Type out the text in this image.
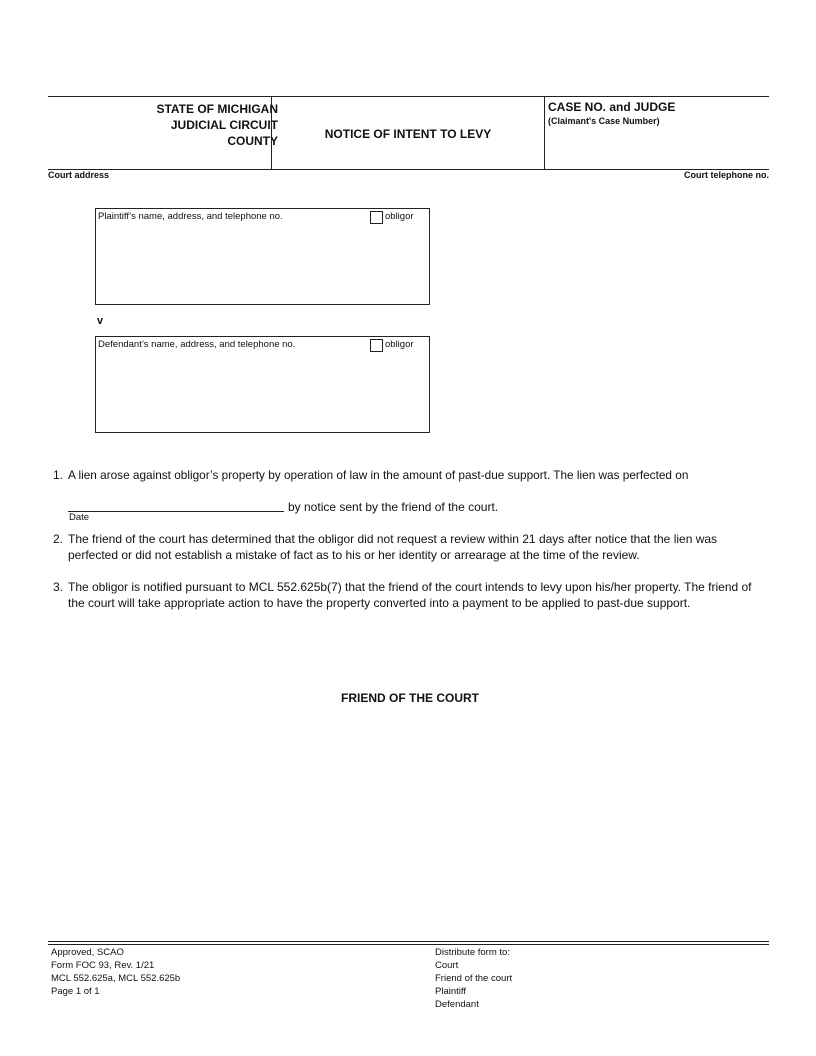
STATE OF MICHIGAN
JUDICIAL CIRCUIT
COUNTY	NOTICE OF INTENT TO LEVY
CASE NO. and JUDGE
(Claimant's Case Number)
Court address	Court telephone no.
Plaintiff’s name, address, and telephone no.	obligor
v
Defendant’s name, address, and telephone no.	obligor
1. A lien arose against obligor’s property by operation of law in the amount of past-due support. The lien was perfected on
by notice sent by the friend of the court.
Date
2. The friend of the court has determined that the obligor did not request a review within 21 days after notice that the lien was perfected or did not establish a mistake of fact as to his or her identity or arrearage at the time of the review.
3. The obligor is notified pursuant to MCL 552.625b(7) that the friend of the court intends to levy upon his/her property. The friend of the court will take appropriate action to have the property converted into a payment to be applied to past-due support.
FRIEND OF THE COURT
Approved, SCAO
Form FOC 93, Rev. 1/21
MCL 552.625a, MCL 552.625b
Page 1 of 1
Distribute form to:
Court
Friend of the court
Plaintiff
Defendant
